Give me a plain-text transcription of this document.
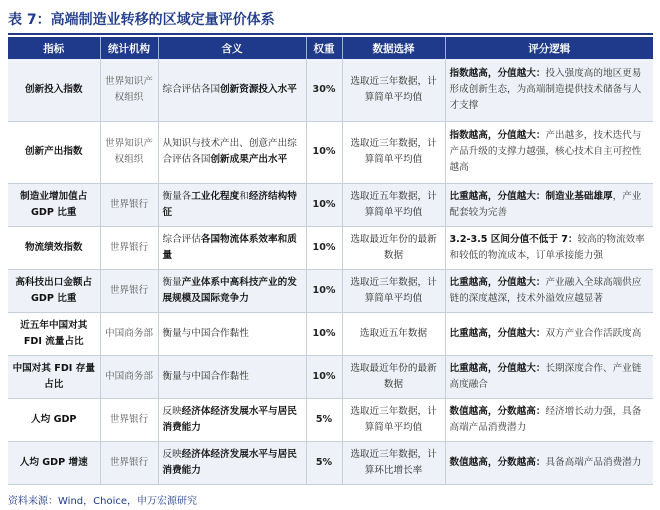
表 7：高端制造业转移的区域定量评价体系
指标	统计机构	含义	权重	数据选择	评分逻辑
创新投入指数	世界知识产权组织	综合评估各国创新资源投入水平	30%	选取近三年数据，计算简单平均值	指数越高，分值越大：投入强度高的地区更易形成创新生态，为高端制造提供技术储备与人才支撑
创新产出指数	世界知识产权组织	从知识与技术产出、创意产出综合评估各国创新成果产出水平	10%	选取近三年数据，计算简单平均值	指数越高，分值越大：产出越多，技术迭代与产品升级的支撑力越强，核心技术自主可控性越高
制造业增加值占 GDP 比重	世界银行	衡量各工业化程度和经济结构特征	10%	选取近五年数据，计算简单平均值	比重越高，分值越大：制造业基础雄厚，产业配套较为完善
物流绩效指数	世界银行	综合评估各国物流体系效率和质量	10%	选取最近年份的最新数据	3.2-3.5 区间分值不低于 7：较高的物流效率和较低的物流成本，订单承接能力强
高科技出口金额占 GDP 比重	世界银行	衡量产业体系中高科技产业的发展规模及国际竞争力	10%	选取近三年数据，计算简单平均值	比重越高，分值越大：产业融入全球高端供应链的深度越深，技术外溢效应越显著
近五年中国对其 FDI 流量占比	中国商务部	衡量与中国合作黏性	10%	选取近五年数据	比重越高，分值越大：双方产业合作活跃度高
中国对其 FDI 存量占比	中国商务部	衡量与中国合作黏性	10%	选取最近年份的最新数据	比重越高，分值越大：长期深度合作、产业链高度融合
人均 GDP	世界银行	反映经济体经济发展水平与居民消费能力	5%	选取近三年数据，计算简单平均值	数值越高，分数越高：经济增长动力强，具备高端产品消费潜力
人均 GDP 增速	世界银行	反映经济体经济发展水平与居民消费能力	5%	选取近三年数据，计算环比增长率	数值越高，分数越高：具备高端产品消费潜力
资料来源：Wind，Choice，申万宏源研究
